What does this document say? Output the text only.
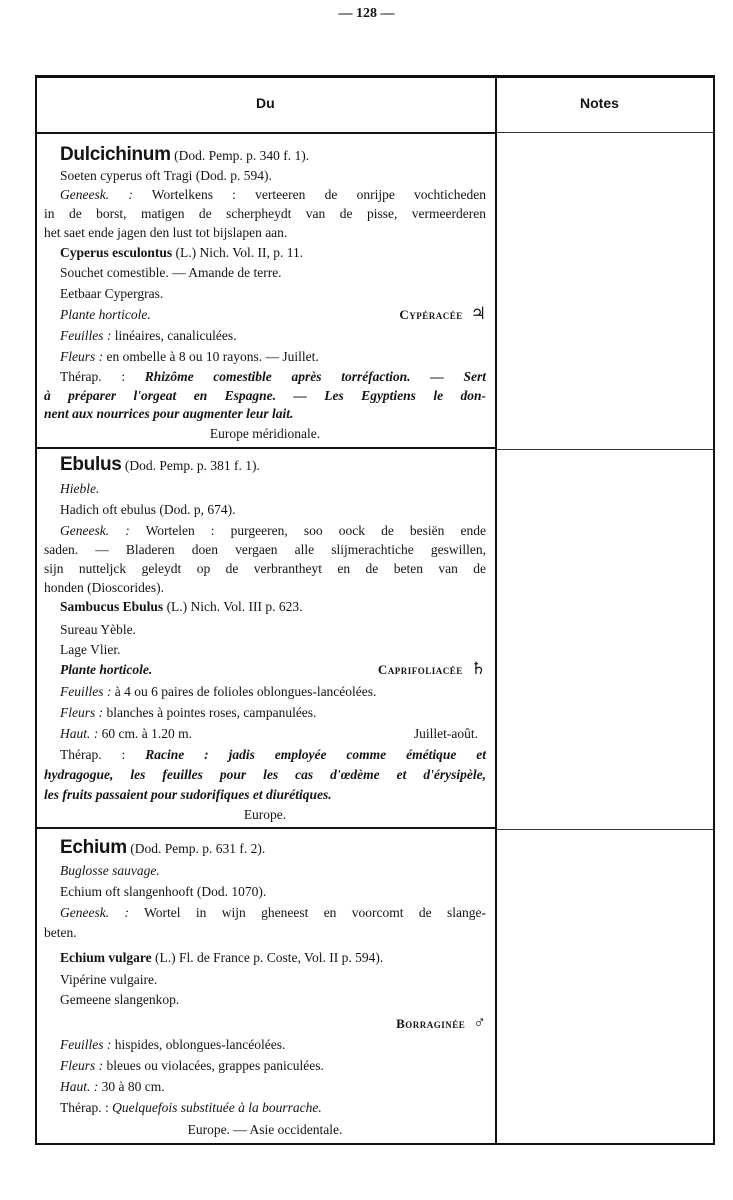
— 128 —
Du	Notes
Dulcichinum (Dod. Pemp. p. 340 f. 1).
Soeten cyperus oft Tragi (Dod. p. 594).
Geneesk. : Wortelkens : verteeren de onrijpe vochticheden
in de borst, matigen de scherpheydt van de pisse, vermeerderen
het saet ende jagen den lust tot bijslapen aan.
Cyperus esculontus (L.) Nich. Vol. II, p. 11.
Souchet comestible. — Amande de terre.
Eetbaar Cypergras.
Plante horticole.
Feuilles : linéaires, canaliculées.
Fleurs : en ombelle à 8 ou 10 rayons. — Juillet.
Thérap. : Rhizôme comestible après torréfaction. — Sert
à préparer l'orgeat en Espagne. — Les Egyptiens le don-
nent aux nourrices pour augmenter leur lait.
Europe méridionale.
Cypéracée ♃
Ebulus (Dod. Pemp. p. 381 f. 1).
Hieble.
Hadich oft ebulus (Dod. p, 674).
Geneesk. : Wortelen : purgeeren, soo oock de besiën ende
saden. — Bladeren doen vergaen alle slijmerachtiche geswillen,
sijn nutteljck geleydt op de verbrantheyt en de beten van de
honden (Dioscorides).
Sambucus Ebulus (L.) Nich. Vol. III p. 623.
Sureau Yèble.
Lage Vlier.
Plante horticole.
Feuilles : à 4 ou 6 paires de folioles oblongues-lancéolées.
Fleurs : blanches à pointes roses, campanulées.
Haut. : 60 cm. à 1.20 m.
Thérap. : Racine : jadis employée comme émétique et
hydragogue, les feuilles pour les cas d'œdème et d'érysipèle,
les fruits passaient pour sudorifiques et diurétiques.
Europe.
Caprifoliacée ♄
Juillet-août.
Echium (Dod. Pemp. p. 631 f. 2).
Buglosse sauvage.
Echium oft slangenhooft (Dod. 1070).
Geneesk. : Wortel in wijn gheneest en voorcomt de slange-
beten.
Echium vulgare (L.) Fl. de France p. Coste, Vol. II p. 594).
Vipérine vulgaire.
Gemeene slangenkop.
Feuilles : hispides, oblongues-lancéolées.
Fleurs : bleues ou violacées, grappes paniculées.
Haut. : 30 à 80 cm.
Thérap. : Quelquefois substituée à la bourrache.
Europe. — Asie occidentale.
Borraginée ♂
